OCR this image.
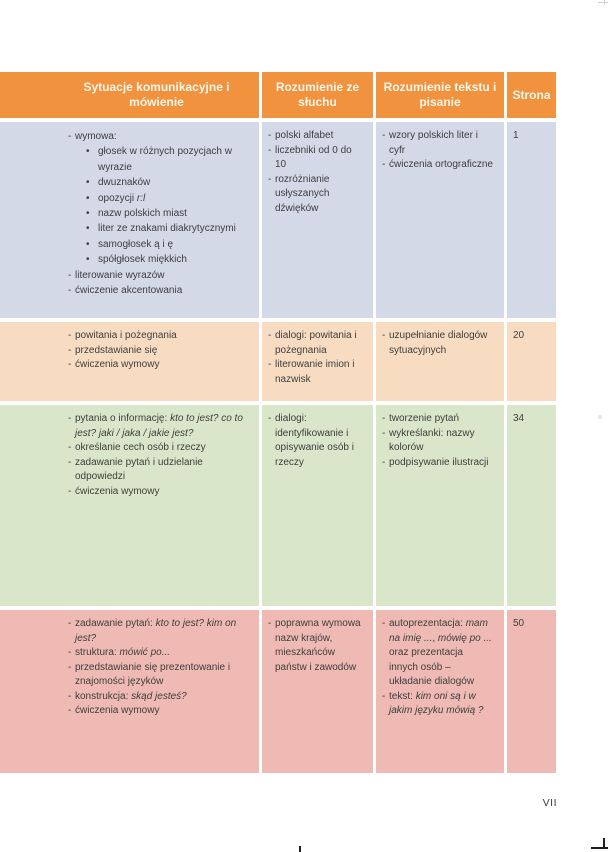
Sytuacje komunikacyjne i mówienie
Rozumienie ze słuchu
Rozumienie tekstu i pisanie
Strona
- wymowa:
• głosek w różnych pozycjach w wyrazie
• dwuznaków
• opozycji r:l
• nazw polskich miast
• liter ze znakami diakrytycznymi
• samogłosek ą i ę
• spółgłosek miękkich
- literowanie wyrazów
- ćwiczenie akcentowania
- polski alfabet
- liczebniki od 0 do 10
- rozróżnianie usłyszanych dźwięków
- wzory polskich liter i cyfr
- ćwiczenia ortograficzne
1
- powitania i pożegnania
- przedstawianie się
- ćwiczenia wymowy
- dialogi: powitania i pożegnania
- literowanie imion i nazwisk
- uzupełnianie dialogów sytuacyjnych
20
- pytania o informację: kto to jest? co to jest? jaki / jaka / jakie jest?
- określanie cech osób i rzeczy
- zadawanie pytań i udzielanie odpowiedzi
- ćwiczenia wymowy
- dialogi: identyfikowanie i opisywanie osób i rzeczy
- tworzenie pytań
- wykreślanki: nazwy kolorów
- podpisywanie ilustracji
34
- zadawanie pytań: kto to jest? kim on jest?
- struktura: mówić po...
- przedstawianie się prezentowanie i znajomości języków
- konstrukcja: skąd jesteś?
- ćwiczenia wymowy
- poprawna wymowa nazw krajów, mieszkańców państw i zawodów
- autoprezentacja: mam na imię ..., mówię po ... oraz prezentacja innych osób – układanie dialogów
- tekst: kim oni są i w jakim języku mówią ?
50
VII
